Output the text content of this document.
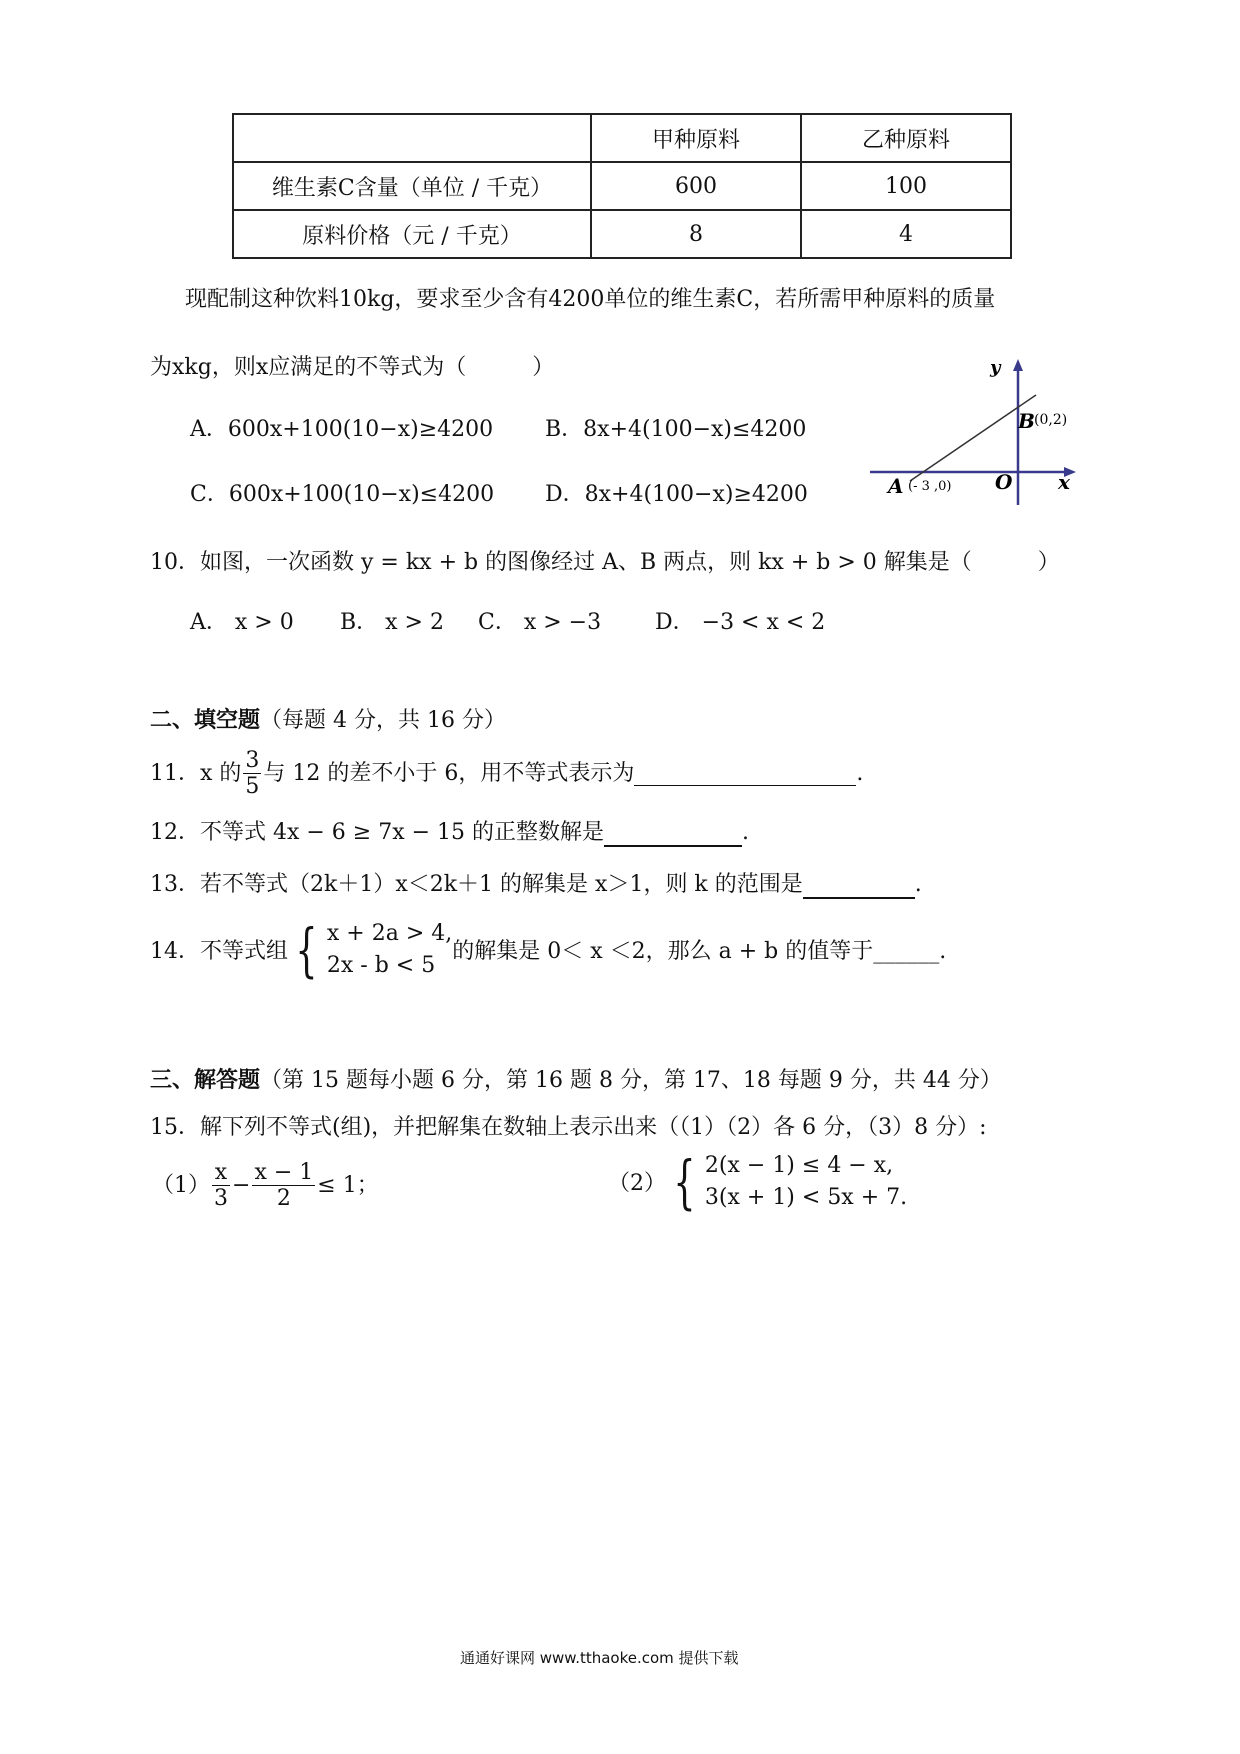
	甲种原料	乙种原料
维生素C含量（单位 / 千克）	600	100
原料价格（元 / 千克）	8	4
现配制这种饮料10kg，要求至少含有4200单位的维生素C，若所需甲种原料的质量
为xkg，则x应满足的不等式为（　　　）
A．600x+100(10−x)≥4200 B．8x+4(100−x)≤4200
C．600x+100(10−x)≤4200 D．8x+4(100−x)≥4200
y
x
O
A (- 3 ,0)
B (0,2)
10．如图，一次函数 y = kx + b 的图像经过 A、B 两点，则 kx + b > 0 解集是（　　　）
A． x > 0 B． x > 2 C． x > −3 D． −3 < x < 2
二、填空题（每题 4 分，共 16 分）
11．x 的 $\frac{3}{5}$ 与 12 的差不小于 6，用不等式表示为	.
12．不等式 4x − 6 ≥ 7x − 15 的正整数解是	.
13．若不等式（2k＋1）x＜2k＋1 的解集是 x＞1，则 k 的范围是	.
14．不等式组 { x + 2a > 4,
2x - b < 5
的解集是 0＜ x ＜2，那么 a + b 的值等于______.
三、解答题（第 15 题每小题 6 分，第 16 题 8 分，第 17、18 每题 9 分，共 44 分）
15．解下列不等式(组)，并把解集在数轴上表示出来（（1）（2）各 6 分，（3）8 分）:
$(1) \frac{x}{3} - \frac{x - 1}{2} \le 1$；	（2） { 2(x − 1) ≤ 4 − x,
3(x + 1) < 5x + 7.
通通好课网 www.tthaoke.com 提供下载
